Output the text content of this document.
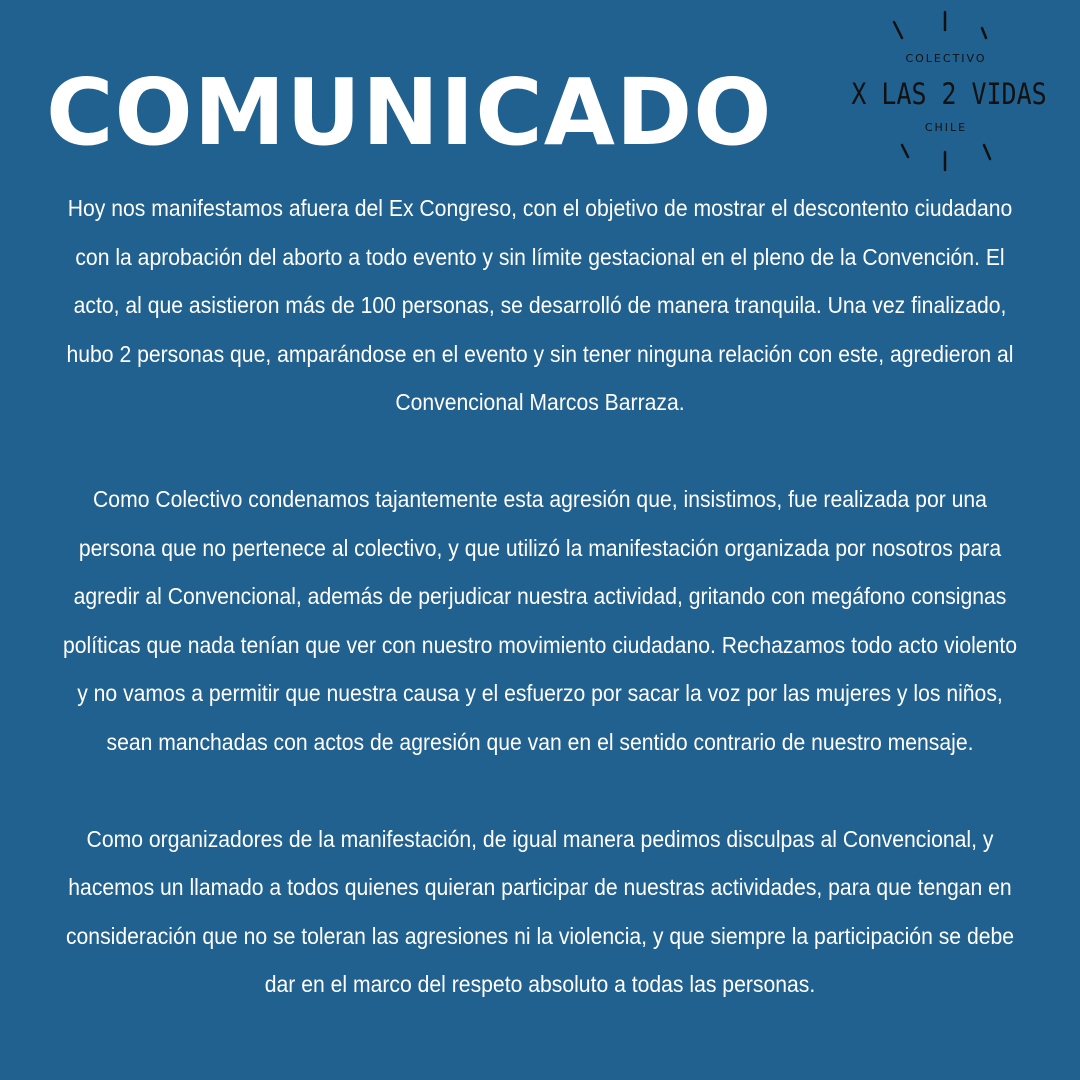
COMUNICADO
COLECTIVO
X LAS 2 VIDAS
CHILE

Hoy nos manifestamos afuera del Ex Congreso, con el objetivo de mostrar el descontento ciudadano con la aprobación del aborto a todo evento y sin límite gestacional en el pleno de la Convención. El acto, al que asistieron más de 100 personas, se desarrolló de manera tranquila. Una vez finalizado, hubo 2 personas que, amparándose en el evento y sin tener ninguna relación con este, agredieron al Convencional Marcos Barraza.

Como Colectivo condenamos tajantemente esta agresión que, insistimos, fue realizada por una persona que no pertenece al colectivo, y que utilizó la manifestación organizada por nosotros para agredir al Convencional, además de perjudicar nuestra actividad, gritando con megáfono consignas políticas que nada tenían que ver con nuestro movimiento ciudadano. Rechazamos todo acto violento y no vamos a permitir que nuestra causa y el esfuerzo por sacar la voz por las mujeres y los niños, sean manchadas con actos de agresión que van en el sentido contrario de nuestro mensaje.

Como organizadores de la manifestación, de igual manera pedimos disculpas al Convencional, y hacemos un llamado a todos quienes quieran participar de nuestras actividades, para que tengan en consideración que no se toleran las agresiones ni la violencia, y que siempre la participación se debe dar en el marco del respeto absoluto a todas las personas.
